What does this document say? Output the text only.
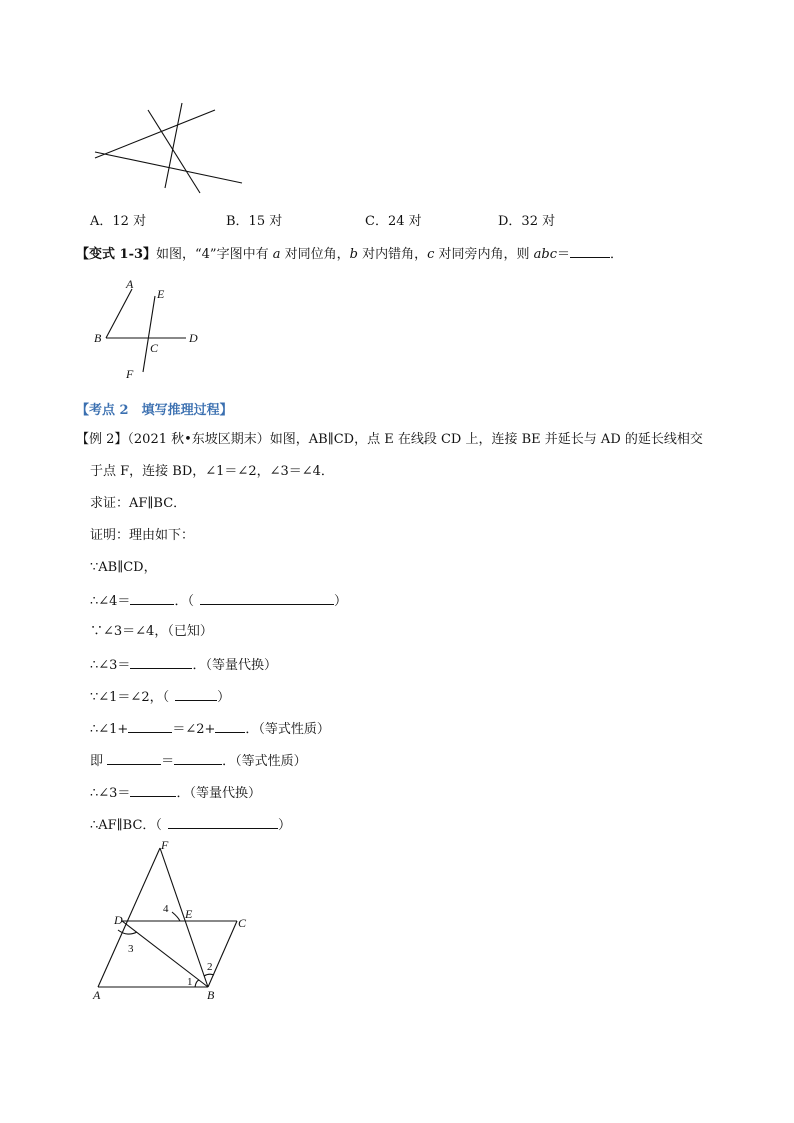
A．12 对	B．15 对	C．24 对	D．32 对
【变式 1-3】如图，“4”字图中有 a 对同位角，b 对内错角，c 对同旁内角，则 abc＝	．
A
E
B
C
D
F
【考点 2　填写推理过程】
【例 2】（2021 秋•东坡区期末）如图，AB∥CD，点 E 在线段 CD 上，连接 BE 并延长与 AD 的延长线相交
于点 F，连接 BD，∠1＝∠2，∠3＝∠4．
求证：AF∥BC．
证明：理由如下：
∵AB∥CD，
∴∠4＝	．（	）
∵∠3＝∠4，（已知）
∴∠3＝	．（等量代换）
∵∠1＝∠2，（	）
∴∠1+	＝∠2+ ．（等式性质）
即	＝	．（等式性质）
∴∠3＝	．（等量代换）
∴AF∥BC．（	）
F
D	E
C
A	B
1
2
3
4
